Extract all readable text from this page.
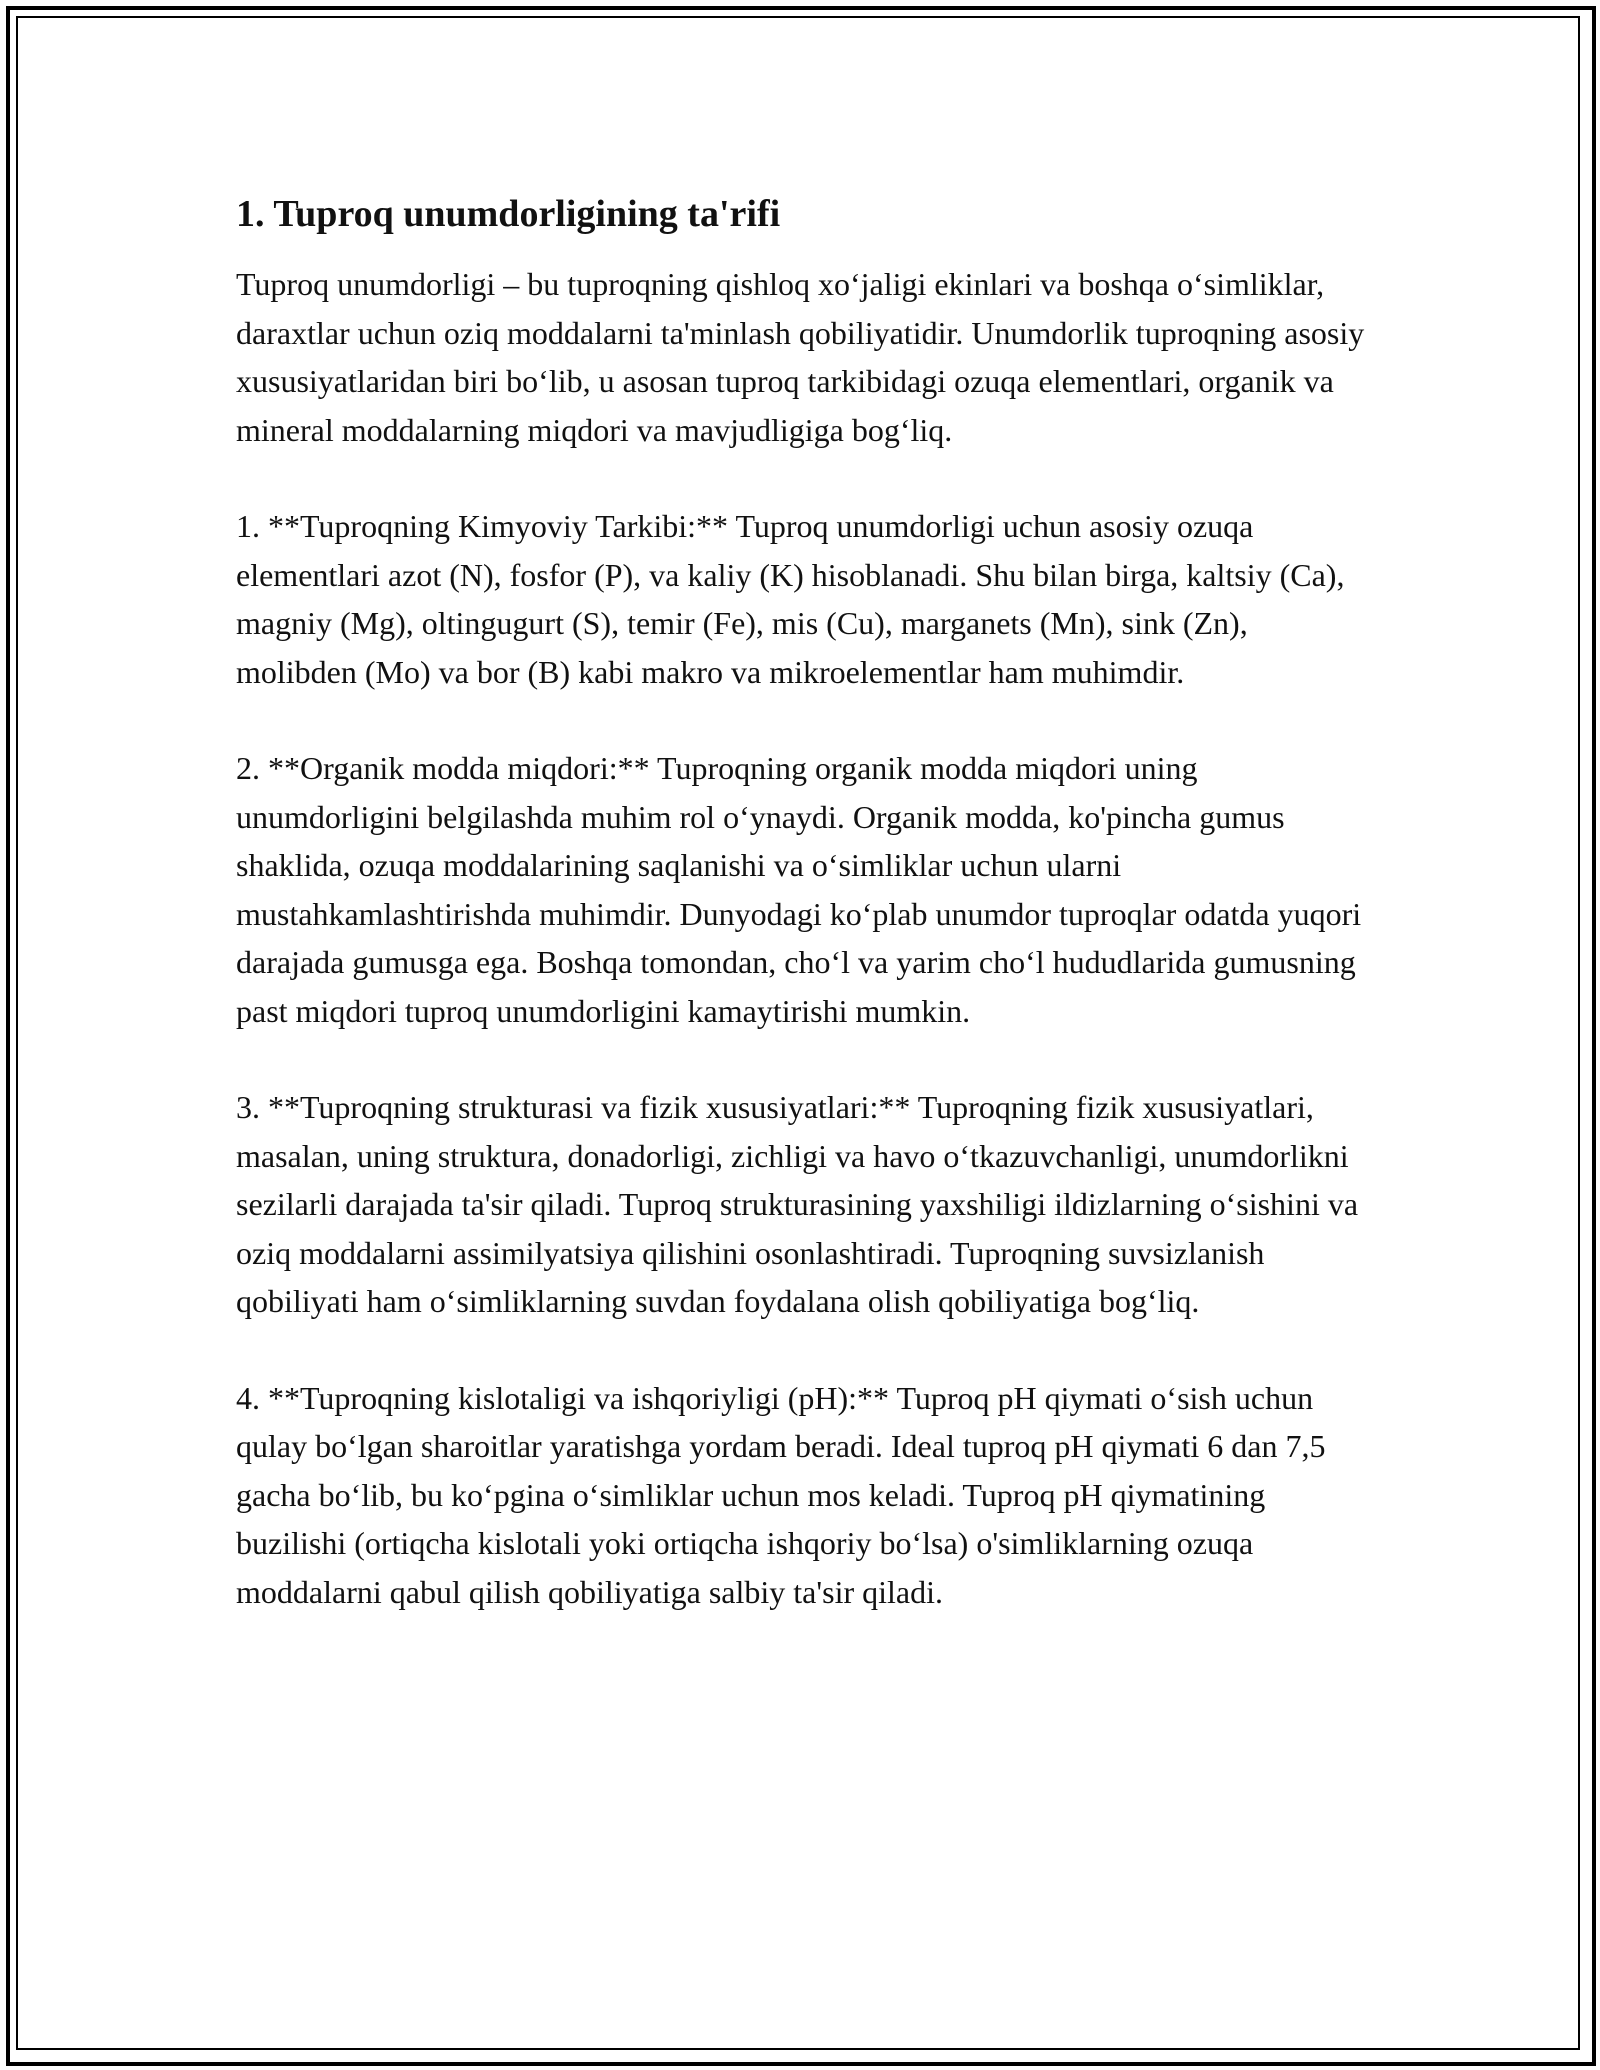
1. Tuproq unumdorligining ta'rifi

Tuproq unumdorligi – bu tuproqning qishloq xo‘jaligi ekinlari va boshqa o‘simliklar, daraxtlar uchun oziq moddalarni ta'minlash qobiliyatidir. Unumdorlik tuproqning asosiy xususiyatlaridan biri bo‘lib, u asosan tuproq tarkibidagi ozuqa elementlari, organik va mineral moddalarning miqdori va mavjudligiga bog‘liq.

1. **Tuproqning Kimyoviy Tarkibi:** Tuproq unumdorligi uchun asosiy ozuqa elementlari azot (N), fosfor (P), va kaliy (K) hisoblanadi. Shu bilan birga, kaltsiy (Ca), magniy (Mg), oltingugurt (S), temir (Fe), mis (Cu), marganets (Mn), sink (Zn), molibden (Mo) va bor (B) kabi makro va mikroelementlar ham muhimdir.

2. **Organik modda miqdori:** Tuproqning organik modda miqdori uning unumdorligini belgilashda muhim rol o‘ynaydi. Organik modda, ko'pincha gumus shaklida, ozuqa moddalarining saqlanishi va o‘simliklar uchun ularni mustahkamlashtirishda muhimdir. Dunyodagi ko‘plab unumdor tuproqlar odatda yuqori darajada gumusga ega. Boshqa tomondan, cho‘l va yarim cho‘l hududlarida gumusning past miqdori tuproq unumdorligini kamaytirishi mumkin.

3. **Tuproqning strukturasi va fizik xususiyatlari:** Tuproqning fizik xususiyatlari, masalan, uning struktura, donadorligi, zichligi va havo o‘tkazuvchanligi, unumdorlikni sezilarli darajada ta'sir qiladi. Tuproq strukturasining yaxshiligi ildizlarning o‘sishini va oziq moddalarni assimilyatsiya qilishini osonlashtiradi. Tuproqning suvsizlanish qobiliyati ham o‘simliklarning suvdan foydalana olish qobiliyatiga bog‘liq.

4. **Tuproqning kislotaligi va ishqoriyligi (pH):** Tuproq pH qiymati o‘sish uchun qulay bo‘lgan sharoitlar yaratishga yordam beradi. Ideal tuproq pH qiymati 6 dan 7,5 gacha bo‘lib, bu ko‘pgina o‘simliklar uchun mos keladi. Tuproq pH qiymatining buzilishi (ortiqcha kislotali yoki ortiqcha ishqoriy bo‘lsa) o'simliklarning ozuqa moddalarni qabul qilish qobiliyatiga salbiy ta'sir qiladi.
